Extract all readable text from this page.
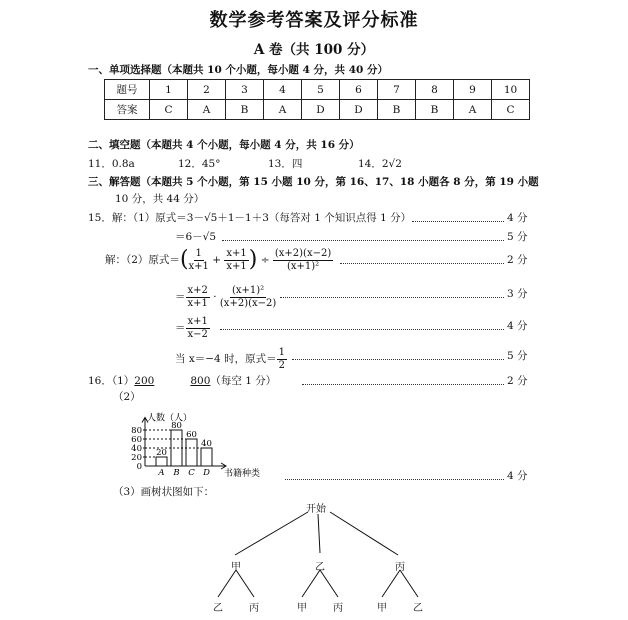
数学参考答案及评分标准
A 卷（共 100 分）
一、单项选择题（本题共 10 个小题，每小题 4 分，共 40 分）
题号	1	2	3	4	5	6	7	8	9	10
答案	C	A	B	A	D	D	B	B	A	C
二、填空题（本题共 4 个小题，每小题 4 分，共 16 分）
11．0.8a	12．45°	13．四	14．2√2
三、解答题（本题共 5 个小题，第 15 小题 10 分，第 16、17、18 小题各 8 分，第 19 小题
10 分，共 44 分）
15．解：（1）原式＝3－√5＋1－1＋3（每答对 1 个知识点得 1 分）	4 分
＝6－√5	5 分
解：（2）原式＝( $\frac{1}{x+1} + \frac{x+1}{x+1}$ ) ÷ $\frac{(x+2)(x-2)}{\text{(x+1)²}}$	2 分
＝ $\frac{x+2}{x+1} \cdot \frac{\text{(x+1)²}}{(x+2)(x-2)}$	3 分
＝ $\frac{x+1}{x-2}$	4 分
当 x＝−4 时，原式＝ $\frac{1}{2}$	5 分
16．（1）200	800（每空 1 分）	2 分
（2）
0
20
40
60
80
20
A
80
B
60
C
40
D
人数（人）
书籍种类	4 分
（3）画树状图如下：
开始
甲	乙	丙
乙	丙	甲	丙	甲	乙
